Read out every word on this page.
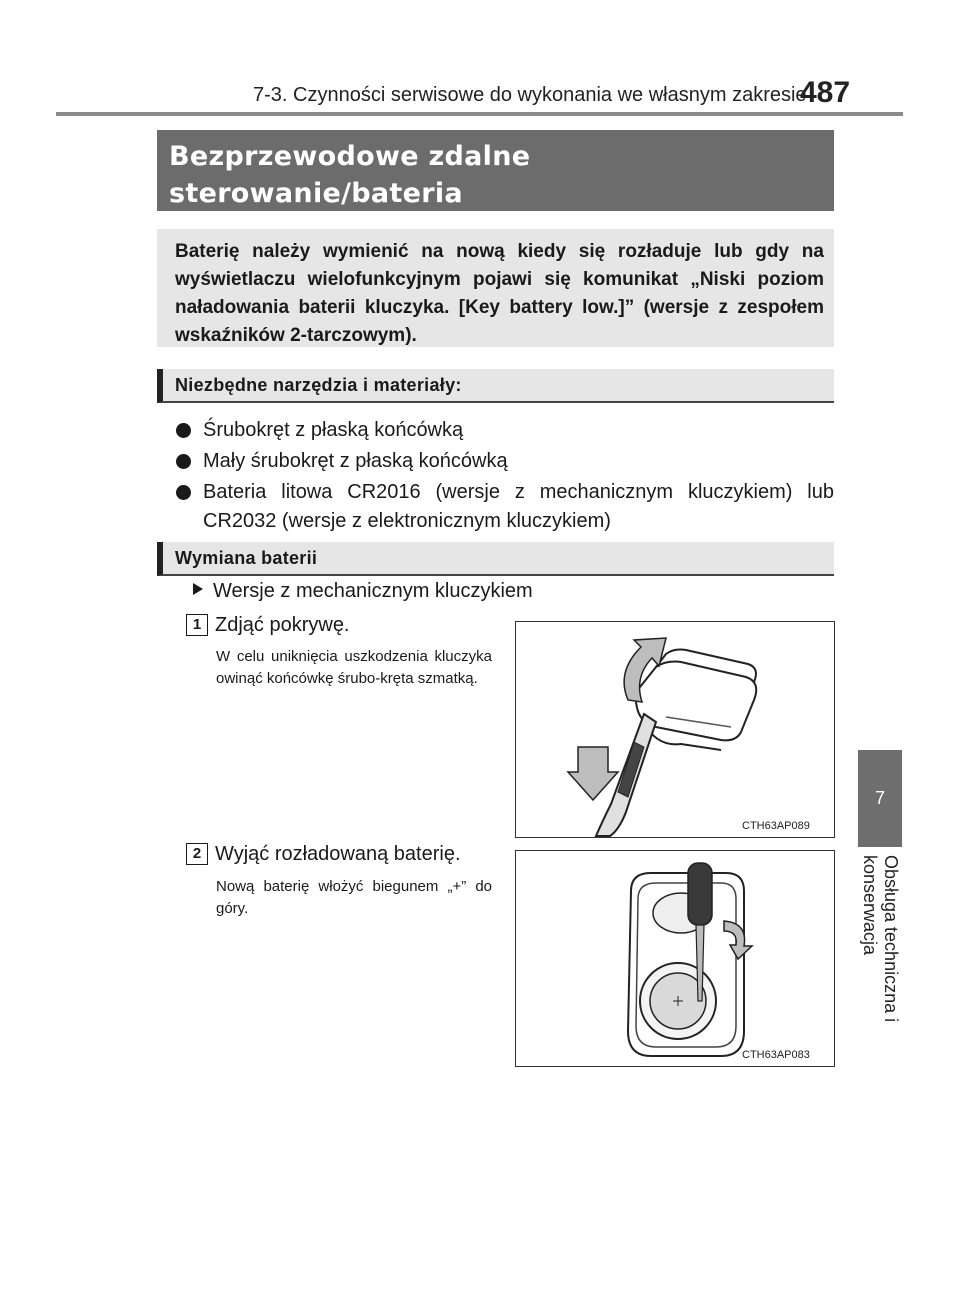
7-3. Czynności serwisowe do wykonania we własnym zakresie
487
7
Obsługa techniczna i konserwacja
Bezprzewodowe zdalne sterowanie/bateria
Baterię należy wymienić na nową kiedy się rozładuje lub gdy na wyświetlaczu wielofunkcyjnym pojawi się komunikat „Niski poziom naładowania baterii kluczyka. [Key battery low.]” (wersje z zespołem wskaźników 2-tarczowym).
Niezbędne narzędzia i materiały:
Śrubokręt z płaską końcówką
Mały śrubokręt z płaską końcówką
Bateria litowa CR2016 (wersje z mechanicznym kluczykiem) lub CR2032 (wersje z elektronicznym kluczykiem)
Wymiana baterii
Wersje z mechanicznym kluczykiem
1 Zdjąć pokrywę.
W celu uniknięcia uszkodzenia kluczyka owinąć końcówkę śrubo-kręta szmatką.
CTH63AP089
2 Wyjąć rozładowaną baterię.
Nową baterię włożyć biegunem „+” do góry.
CTH63AP083
